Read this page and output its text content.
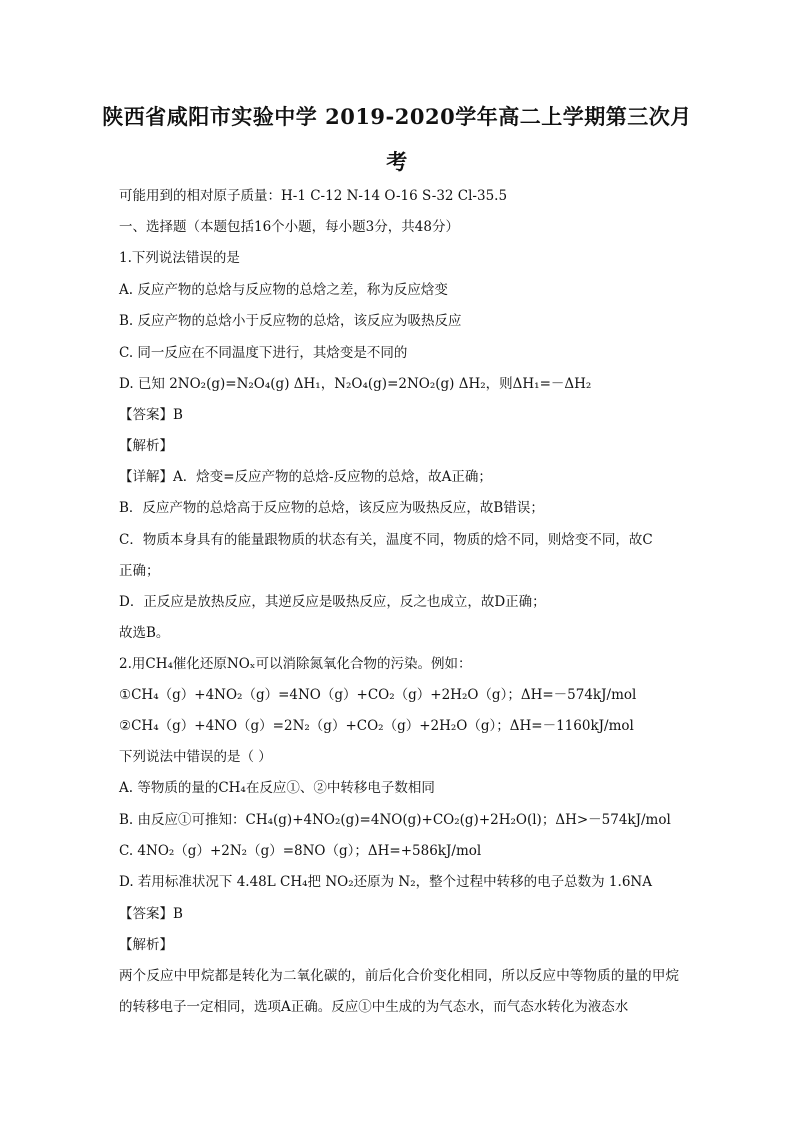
陕西省咸阳市实验中学 2019-2020学年高二上学期第三次月
考
可能用到的相对原子质量：H-1 C-12 N-14 O-16 S-32 Cl-35.5
一、选择题（本题包括16个小题，每小题3分，共48分）
1.下列说法错误的是
A. 反应产物的总焓与反应物的总焓之差，称为反应焓变
B. 反应产物的总焓小于反应物的总焓，该反应为吸热反应
C. 同一反应在不同温度下进行，其焓变是不同的
D. 已知 2NO₂(g)=N₂O₄(g) ΔH₁，N₂O₄(g)=2NO₂(g) ΔH₂，则ΔH₁=－ΔH₂
【答案】B
【解析】
【详解】A．焓变=反应产物的总焓-反应物的总焓，故A正确；
B．反应产物的总焓高于反应物的总焓，该反应为吸热反应，故B错误；
C．物质本身具有的能量跟物质的状态有关，温度不同，物质的焓不同，则焓变不同，故C
正确；
D．正反应是放热反应，其逆反应是吸热反应，反之也成立，故D正确；
故选B。
2.用CH₄催化还原NOₓ可以消除氮氧化合物的污染。例如：
①CH₄（g）+4NO₂（g）=4NO（g）+CO₂（g）+2H₂O（g）；ΔH=－574kJ/mol
②CH₄（g）+4NO（g）=2N₂（g）+CO₂（g）+2H₂O（g）；ΔH=－1160kJ/mol
下列说法中错误的是（ ）
A. 等物质的量的CH₄在反应①、②中转移电子数相同
B. 由反应①可推知：CH₄(g)+4NO₂(g)=4NO(g)+CO₂(g)+2H₂O(l)；ΔH>－574kJ/mol
C. 4NO₂（g）+2N₂（g）=8NO（g）；ΔH=+586kJ/mol
D. 若用标准状况下 4.48L CH₄把 NO₂还原为 N₂，整个过程中转移的电子总数为 1.6NA
【答案】B
【解析】
两个反应中甲烷都是转化为二氧化碳的，前后化合价变化相同，所以反应中等物质的量的甲烷的转移电子一定相同，选项A正确。反应①中生成的为气态水，而气态水转化为液态水
